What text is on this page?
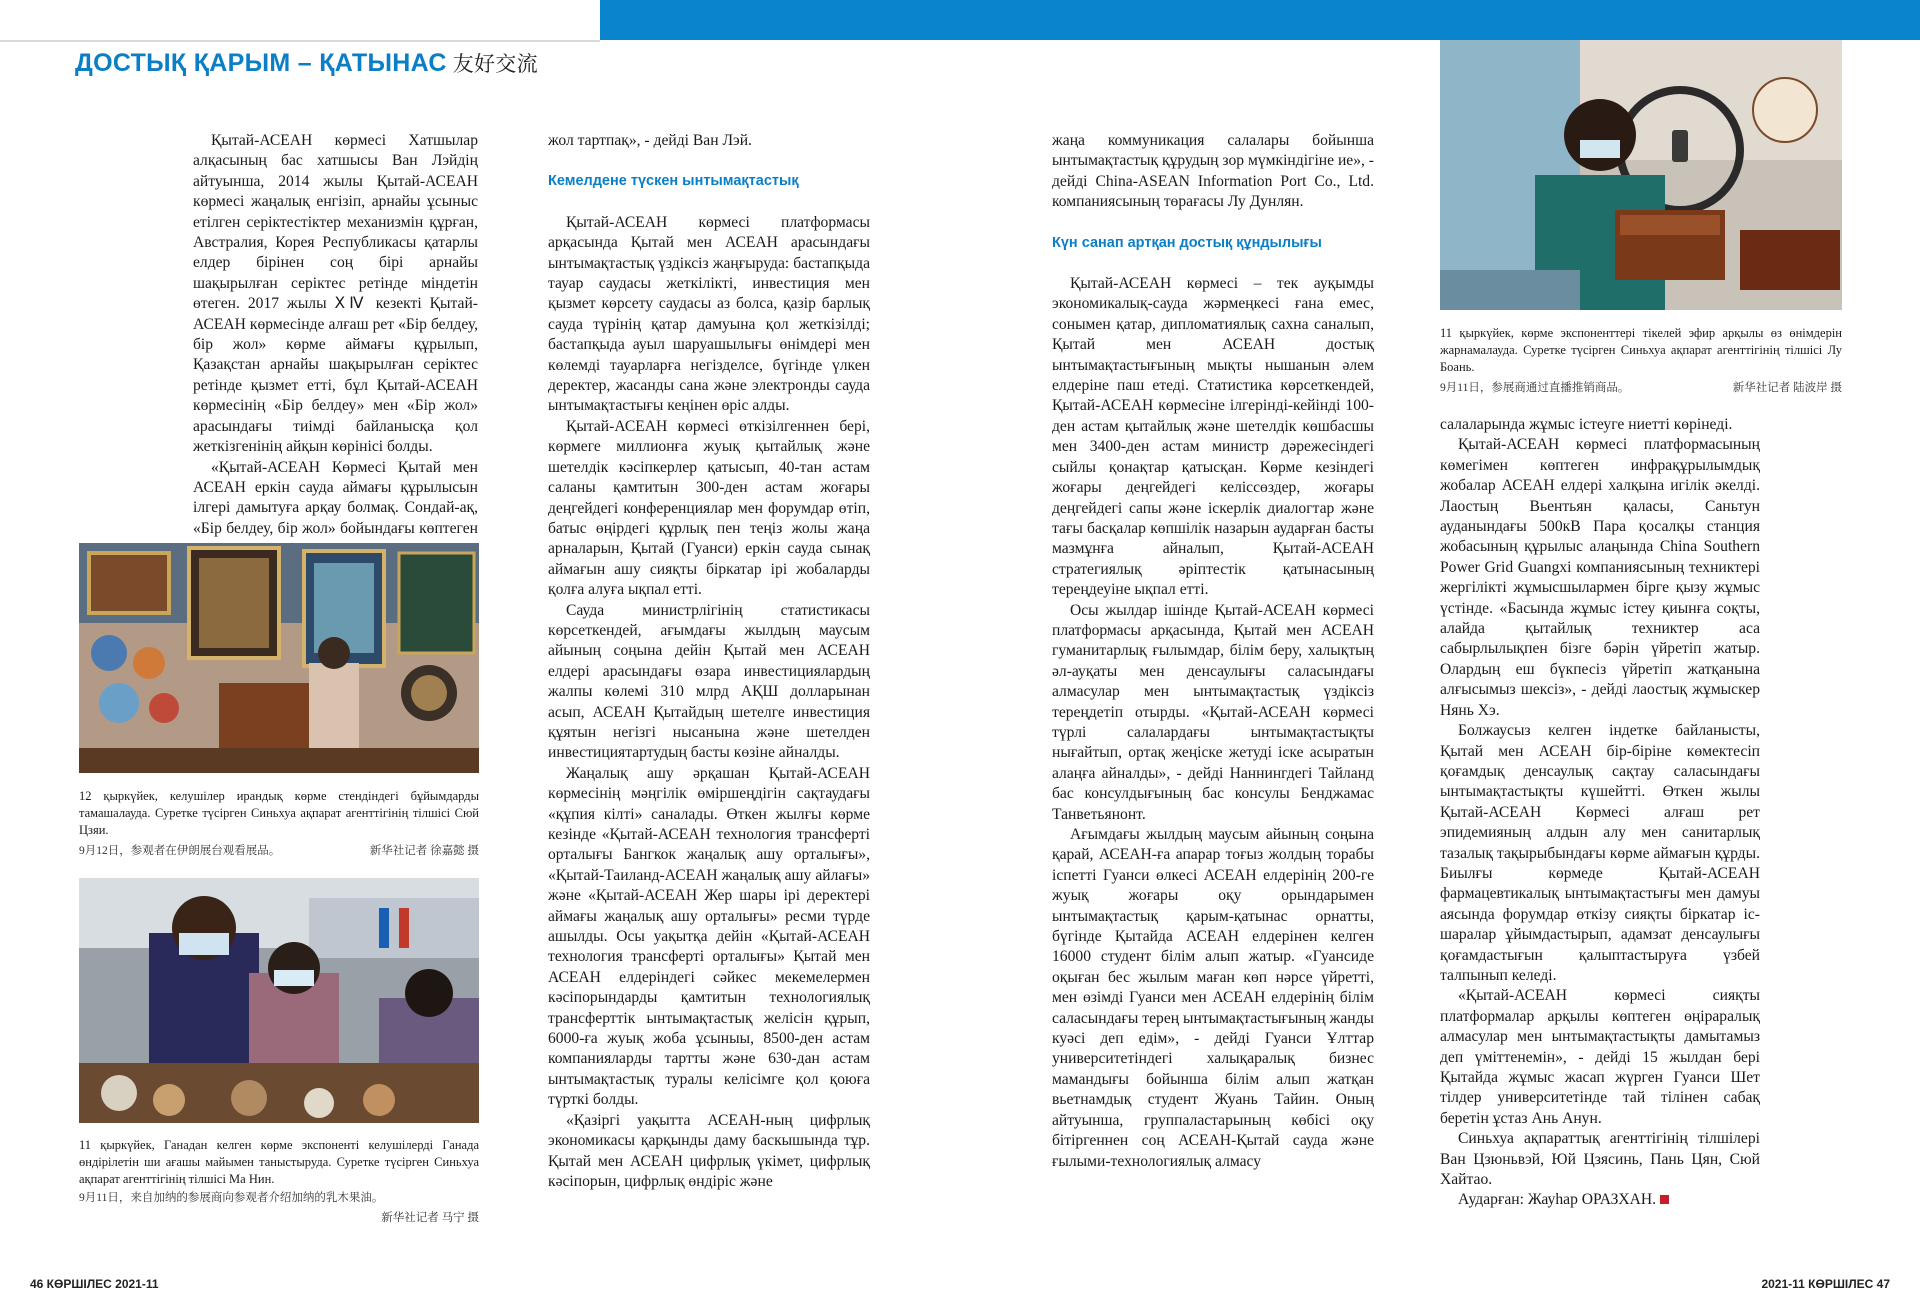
ДОСТЫҚ ҚАРЫМ – ҚАТЫНАС 友好交流

Қытай-АСЕАН көрмесі Хатшылар алқасының бас хатшысы Ван Лэйдің айтуынша, 2014 жылы Қытай-АСЕАН көрмесі жаңалық енгізіп, арнайы ұсыныс етілген серіктестіктер механизмін құрған, Австралия, Корея Республикасы қатарлы елдер бірінен соң бірі арнайы шақырылған серіктес ретінде міндетін өтеген. 2017 жылы ⅩⅣ кезекті Қытай-АСЕАН көрмесінде алғаш рет «Бір белдеу, бір жол» көрме аймағы құрылып, Қазақстан арнайы шақырылған серіктес ретінде қызмет етті, бұл Қытай-АСЕАН көрмесінің «Бір белдеу» мен «Бір жол» арасындағы тиімді байланысқа қол жеткізгенінің айқын көрінісі болды.

«Қытай-АСЕАН Көрмесі Қытай мен АСЕАН еркін сауда аймағы құрылысын ілгері дамытуға арқау болмақ. Сондай-ақ, «Бір белдеу, бір жол» бойындағы көптеген

12 қыркүйек, келушілер ирандық көрме стендіндегі бұйымдарды тамашалауда. Суретке түсірген Синьхуа ақпарат агенттігінің тілшісі Сюй Цзяи.
9月12日，参观者在伊朗展台观看展品。	新华社记者 徐嘉懿 摄
11 қыркүйек, Ганадан келген көрме экспоненті келушілерді Ганада өндірілетін ши ағашы майымен таныстыруда. Суретке түсірген Синьхуа ақпарат агенттігінің тілшісі Ма Нин.
9月11日，来自加纳的参展商向参观者介绍加纳的乳木果油。
新华社记者 马宁 摄

жол тартпақ», - дейді Ван Лэй.

Кемелдене түскен ынтымақтастық

Қытай-АСЕАН көрмесі платформасы арқасында Қытай мен АСЕАН арасындағы ынтымақтастық үздіксіз жаңғыруда: бастапқыда тауар саудасы жеткілікті, инвестиция мен қызмет көрсету саудасы аз болса, қазір барлық сауда түрінің қатар дамуына қол жеткізілді; бастапқыда ауыл шаруашылығы өнімдері мен көлемді тауарларға негізделсе, бүгінде үлкен деректер, жасанды сана және электронды сауда ынтымақтастығы кеңінен өріс алды.

Қытай-АСЕАН көрмесі өткізілгеннен бері, көрмеге миллионға жуық қытайлық және шетелдік кәсіпкерлер қатысып, 40-тан астам саланы қамтитын 300-ден астам жоғары деңгейдегі конференциялар мен форумдар өтіп, батыс өңірдегі құрлық пен теңіз жолы жаңа арналарын, Қытай (Гуанси) еркін сауда сынақ аймағын ашу сияқты біркатар ірі жобаларды қолға алуға ықпал етті.

Сауда министрлігінің статистикасы көрсеткендей, ағымдағы жылдың маусым айының соңына дейін Қытай мен АСЕАН елдері арасындағы өзара инвестициялардың жалпы көлемі 310 млрд АҚШ долларынан асып, АСЕАН Қытайдың шетелге инвестиция құятын негізгі нысанына және шетелден инвестициятартудың басты көзіне айналды.

Жаңалық ашу әрқашан Қытай-АСЕАН көрмесінің мәңгілік өміршеңдігін сақтаудағы «құпия кілті» саналады. Өткен жылғы көрме кезінде «Қытай-АСЕАН технология трансферті орталығы Бангкок жаңалық ашу орталығы», «Қытай-Таиланд-АСЕАН жаңалық ашу айлағы» және «Қытай-АСЕАН Жер шары ірі деректері аймағы жаңалық ашу орталығы» ресми түрде ашылды. Осы уақытқа дейін «Қытай-АСЕАН технология трансферті орталығы» Қытай мен АСЕАН елдеріндегі сәйкес мекемелермен кәсіпорындарды қамтитын технологиялық трансферттік ынтымақтастық желісін құрып, 6000-ға жуық жоба ұсыныы, 8500-ден астам компанияларды тартты және 630-дан астам ынтымақтастық туралы келісімге қол қоюға түрткі болды.

«Қазіргі уақытта АСЕАН-ның цифрлық экономикасы қарқынды даму баскышында тұр. Қытай мен АСЕАН цифрлық үкімет, цифрлық кәсіпорын, цифрлық өндіріс және

жаңа коммуникация салалары бойынша ынтымақтастық құрудың зор мүмкіндігіне ие», - дейді China-ASEAN Information Port Co., Ltd. компаниясының төрағасы Лу Дунлян.

Күн санап артқан достық құндылығы

Қытай-АСЕАН көрмесі – тек ауқымды экономикалық-сауда жәрмеңкесі ғана емес, сонымен қатар, дипломатиялық сахна саналып, Қытай мен АСЕАН достық ынтымақтастығының мықты нышанын әлем елдеріне паш етеді. Статистика көрсеткендей, Қытай-АСЕАН көрмесіне ілгерінді-кейінді 100-ден астам қытайлық және шетелдік көшбасшы мен 3400-ден астам министр дәрежесіндегі сыйлы қонақтар қатысқан. Көрме кезіндегі жоғары деңгейдегі келіссөздер, жоғары деңгейдегі сапы және іскерлік диалогтар және тағы басқалар көпшілік назарын аударған басты мазмұнға айналып, Қытай-АСЕАН стратегиялық әріптестік қатынасының тереңдеуіне ықпал етті.

Осы жылдар ішінде Қытай-АСЕАН көрмесі платформасы арқасында, Қытай мен АСЕАН гуманитарлық ғылымдар, білім беру, халықтың әл-ауқаты мен денсаулығы саласындағы алмасулар мен ынтымақтастық үздіксіз тереңдетіп отырды. «Қытай-АСЕАН көрмесі түрлі салалардағы ынтымақтастықты нығайтып, ортақ жеңіске жетуді іске асыратын алаңға айналды», - дейді Наннингдегі Тайланд бас консулдығының бас консулы Бенджамас Танветьянонт.

Ағымдағы жылдың маусым айының соңына қарай, АСЕАН-ға апарар тоғыз жолдың торабы іспетті Гуанси өлкесі АСЕАН елдерінің 200-ге жуық жоғары оқу орындарымен ынтымақтастық қарым-қатынас орнатты, бүгінде Қытайда АСЕАН елдерінен келген 16000 студент білім алып жатыр. «Гуансиде оқыған бес жылым маған көп нәрсе үйретті, мен өзімді Гуанси мен АСЕАН елдерінің білім саласындағы терең ынтымақтастығының жанды куәсі деп едім», - дейді Гуанси Ұлттар университетіндегі халықаралық бизнес мамандығы бойынша білім алып жатқан вьетнамдық студент Жуань Тайин. Оның айтуынша, группаластарының көбісі оқу бітіргеннен соң АСЕАН-Қытай сауда және ғылыми-технологиялық алмасу

11 қыркүйек, көрме экспоненттері тікелей эфир арқылы өз өнімдерін жарнамалауда. Суретке түсірген Синьхуа ақпарат агенттігінің тілшісі Лу Боань.
9月11日，参展商通过直播推销商品。	新华社记者 陆波岸 摄

салаларында жұмыс істеуге ниетті көрінеді.

Қытай-АСЕАН көрмесі платформасының көмегімен көптеген инфрақұрылымдық жобалар АСЕАН елдері халқына игілік әкелді. Лаостың Вьентьян қаласы, Саньтун ауданындағы 500кВ Пара қосалқы станция жобасының құрылыс алаңында China Southern Power Grid Guangxi компаниясының техниктері жергілікті жұмысшылармен бірге қызу жұмыс үстінде. «Басында жұмыс істеу қиынға соқты, алайда қытайлық техниктер аса сабырлылықпен бізге бәрін үйретіп жатыр. Олардың еш бүкпесіз үйретіп жатқанына алғысымыз шексіз», - дейді лаостық жұмыскер Нянь Хэ.

Болжаусыз келген індетке байланысты, Қытай мен АСЕАН бір-біріне көмектесіп қоғамдық денсаулық сақтау саласындағы ынтымақтастықты күшейтті. Өткен жылы Қытай-АСЕАН Көрмесі алғаш рет эпидемияның алдын алу мен санитарлық тазалық тақырыбындағы көрме аймағын құрды. Биылғы көрмеде Қытай-АСЕАН фармацевтикалық ынтымақтастығы мен дамуы аясында форумдар өткізу сияқты біркатар іс-шаралар ұйымдастырып, адамзат денсаулығы қоғамдастығын қалыптастыруға үзбей талпынып келеді.

«Қытай-АСЕАН көрмесі сияқты платформалар арқылы көптеген өңіраралық алмасулар мен ынтымақтастықты дамытамыз деп үміттенемін», - дейді 15 жылдан бері Қытайда жұмыс жасап жүрген Гуанси Шет тілдер университетінде тай тілінен сабақ беретін ұстаз Ань Анун.

Синьхуа ақпараттық агенттігінің тілшілері Ван Цзюньвэй, Юй Цзясинь, Пань Цян, Сюй Хайтао.

Аударған: Жауһар ОРАЗХАН.

46 КӨРШІЛЕС 2021-11	2021-11 КӨРШІЛЕС 47
